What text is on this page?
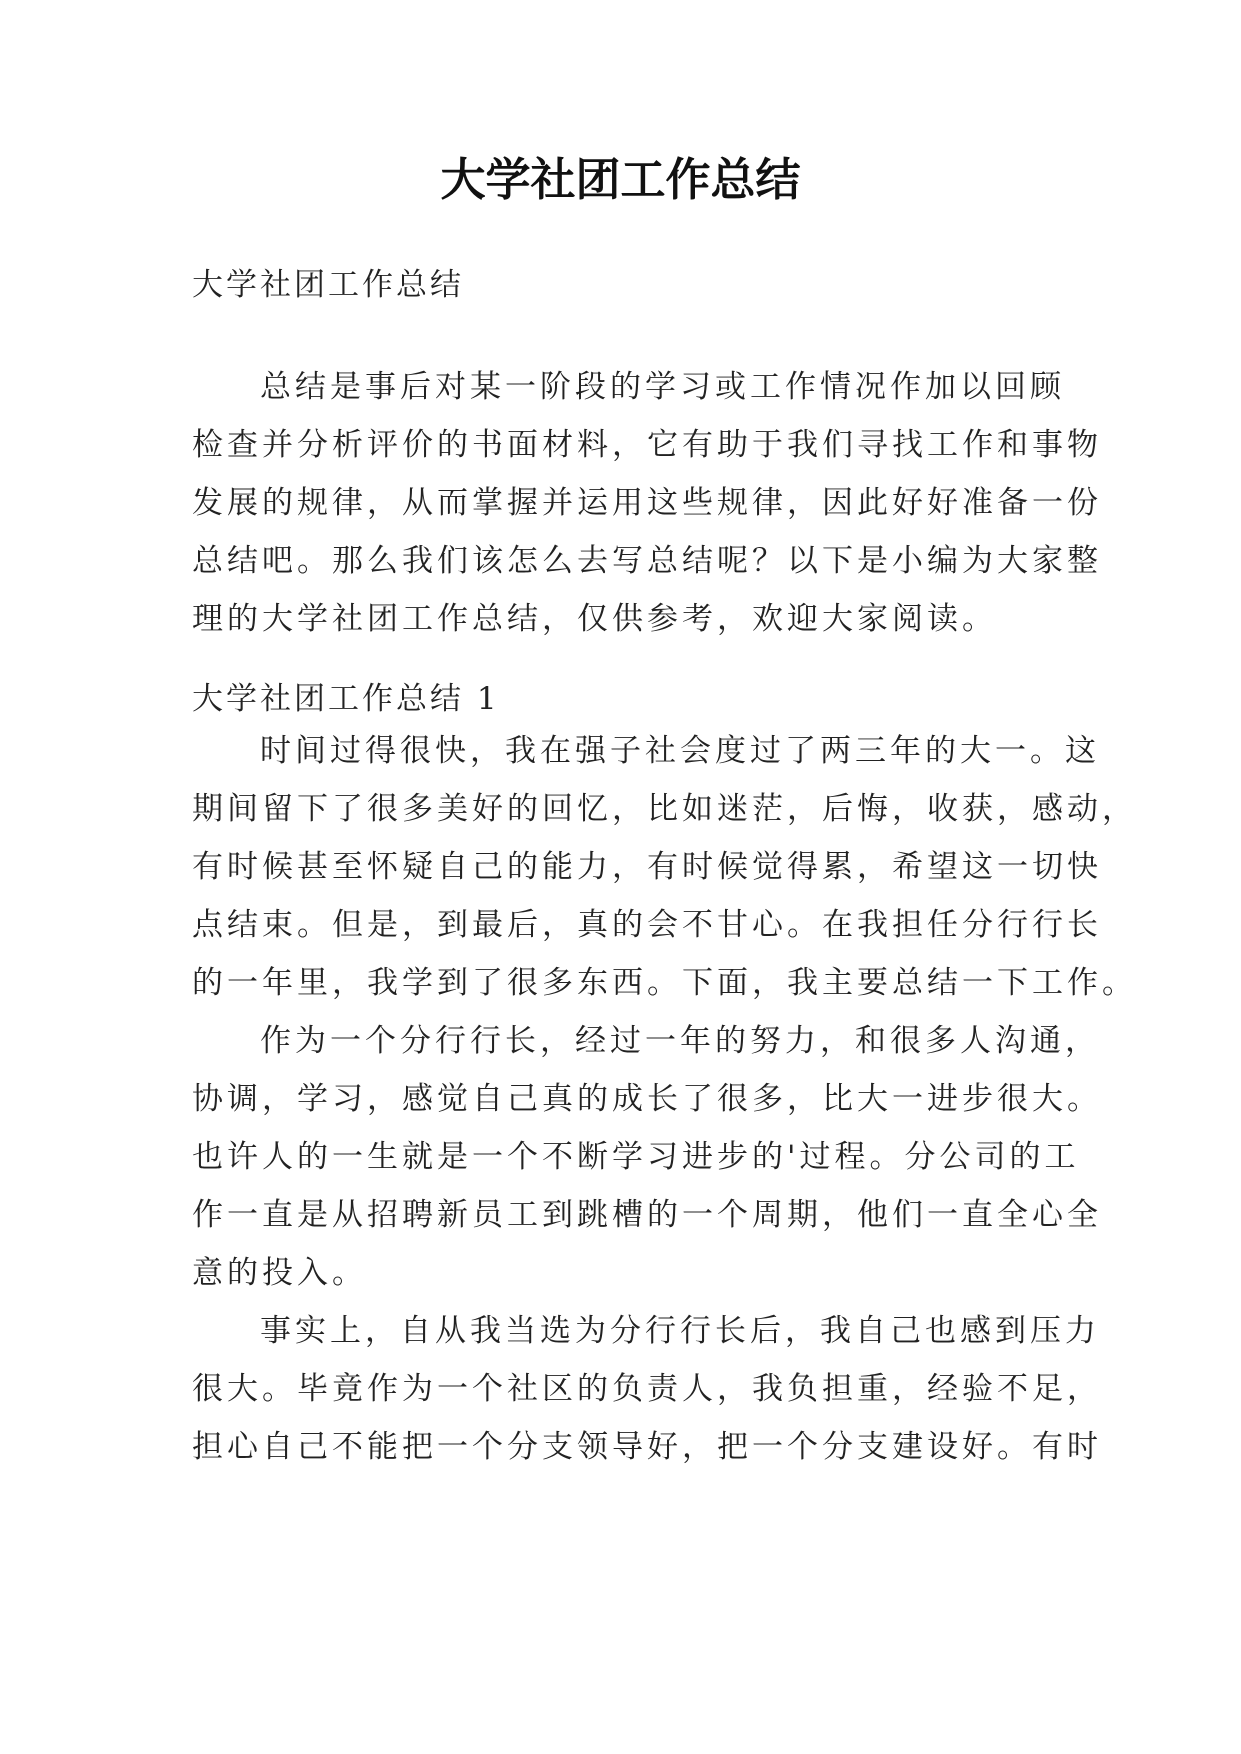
大学社团工作总结

大学社团工作总结

总结是事后对某一阶段的学习或工作情况作加以回顾
检查并分析评价的书面材料，它有助于我们寻找工作和事物
发展的规律，从而掌握并运用这些规律，因此好好准备一份
总结吧。那么我们该怎么去写总结呢？以下是小编为大家整
理的大学社团工作总结，仅供参考，欢迎大家阅读。

大学社团工作总结 1

时间过得很快，我在强子社会度过了两三年的大一。这
期间留下了很多美好的回忆，比如迷茫，后悔，收获，感动，
有时候甚至怀疑自己的能力，有时候觉得累，希望这一切快
点结束。但是，到最后，真的会不甘心。在我担任分行行长
的一年里，我学到了很多东西。下面，我主要总结一下工作。
作为一个分行行长，经过一年的努力，和很多人沟通，
协调，学习，感觉自己真的成长了很多，比大一进步很大。
也许人的一生就是一个不断学习进步的'过程。分公司的工
作一直是从招聘新员工到跳槽的一个周期，他们一直全心全
意的投入。
事实上，自从我当选为分行行长后，我自己也感到压力
很大。毕竟作为一个社区的负责人，我负担重，经验不足，
担心自己不能把一个分支领导好，把一个分支建设好。有时
